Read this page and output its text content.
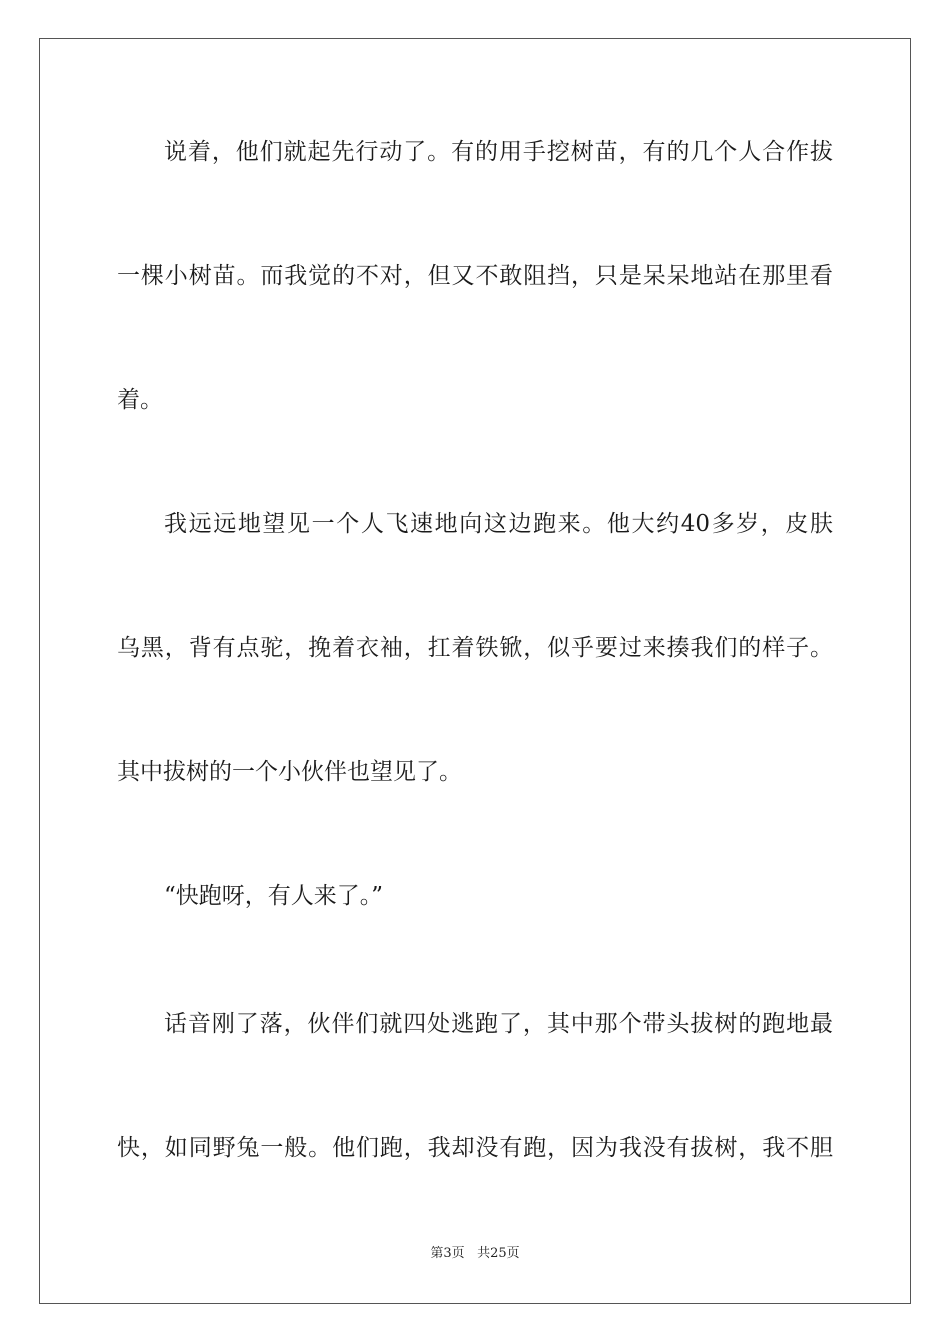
说着，他们就起先行动了。有的用手挖树苗，有的几个人合作拔
一棵小树苗。而我觉的不对，但又不敢阻挡，只是呆呆地站在那里看
着。
我远远地望见一个人飞速地向这边跑来。他大约40多岁，皮肤
乌黑，背有点驼，挽着衣袖，扛着铁锨，似乎要过来揍我们的样子。
其中拔树的一个小伙伴也望见了。
“快跑呀，有人来了。”
话音刚了落，伙伴们就四处逃跑了，其中那个带头拔树的跑地最
快，如同野兔一般。他们跑，我却没有跑，因为我没有拔树，我不胆
第3页 共25页
